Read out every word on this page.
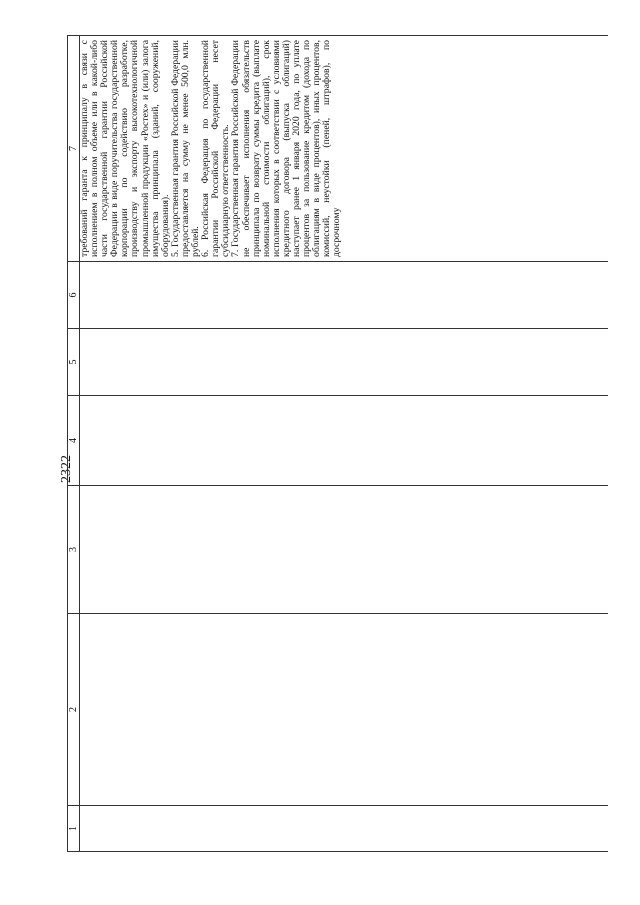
2322
1	2	3	4	5	6	7

						требований гаранта к принципалу в связи с исполнением в полном объеме или в какой-либо части государственной гарантии Российской Федерации в виде поручительства государственной корпорации по содействию разработке, производству и экспорту высокотехнологичной промышленной продукции «Ростех» и (или) залога имущества принципала (зданий, сооружений, оборудования). 5. Государственная гарантия Российской Федерации предоставляется на сумму не менее 500,0 млн. рублей. 6. Российская Федерация по государственной гарантии Российской Федерации несет субсидиарную ответственность. 7. Государственная гарантия Российской Федерации не обеспечивает исполнения обязательств принципала по возврату суммы кредита (выплате номинальной стоимости облигаций), срок исполнения которых в соответствии с условиями кредитного договора (выпуска облигаций) наступает ранее 1 января 2020 года, по уплате процентов за пользование кредитом (дохода по облигациям в виде процентов), иных процентов, комиссий, неустойки (пеней, штрафов), по досрочному
